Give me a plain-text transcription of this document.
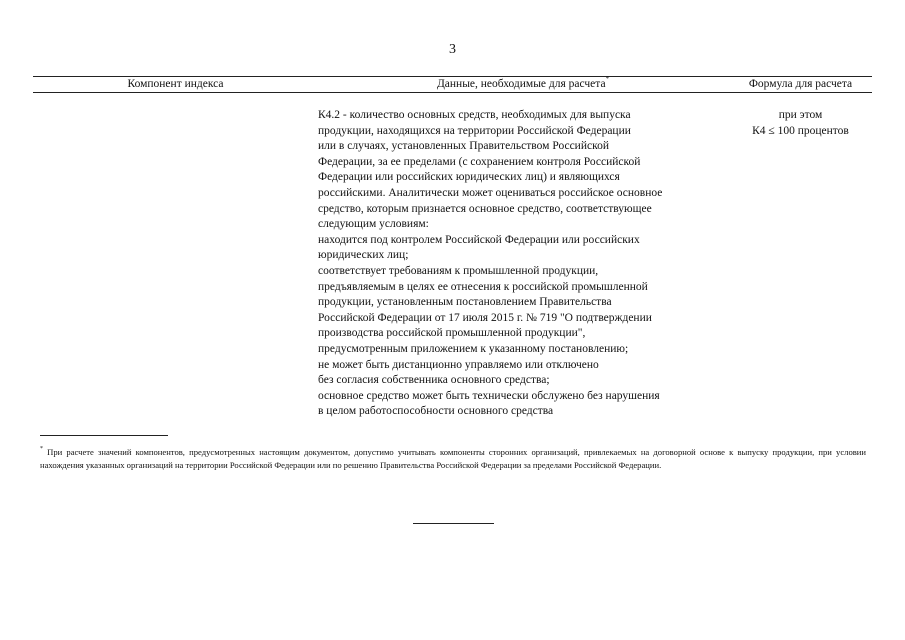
3
Компонент индекса	Данные, необходимые для расчета*	Формула для расчета
К4.2 - количество основных средств, необходимых для выпуска
продукции, находящихся на территории Российской Федерации
или в случаях, установленных Правительством Российской
Федерации, за ее пределами (с сохранением контроля Российской
Федерации или российских юридических лиц) и являющихся
российскими. Аналитически может оцениваться российское основное
средство, которым признается основное средство, соответствующее
следующим условиям:
находится под контролем Российской Федерации или российских
юридических лиц;
соответствует требованиям к промышленной продукции,
предъявляемым в целях ее отнесения к российской промышленной
продукции, установленным постановлением Правительства
Российской Федерации от 17 июля 2015 г. № 719 "О подтверждении
производства российской промышленной продукции",
предусмотренным приложением к указанному постановлению;
не может быть дистанционно управляемо или отключено
без согласия собственника основного средства;
основное средство может быть технически обслужено без нарушения
в целом работоспособности основного средства
при этом
К4 ≤ 100 процентов
* При расчете значений компонентов, предусмотренных настоящим документом, допустимо учитывать компоненты сторонних организаций, привлекаемых на договорной основе к выпуску продукции, при условии нахождения указанных организаций на территории Российской Федерации или по решению Правительства Российской Федерации за пределами Российской Федерации.
